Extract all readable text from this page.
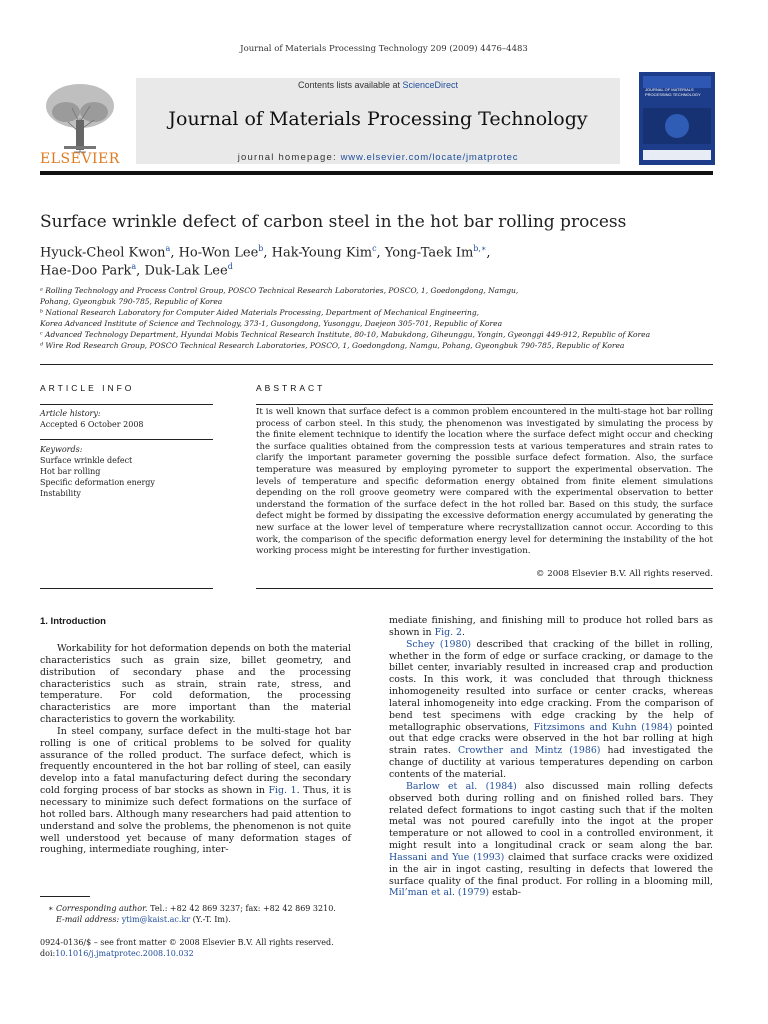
Journal of Materials Processing Technology 209 (2009) 4476–4483
ELSEVIER
Contents lists available at ScienceDirect
Journal of Materials Processing Technology
journal homepage: www.elsevier.com/locate/jmatprotec
JOURNAL OF MATERIALS PROCESSING TECHNOLOGY
Surface wrinkle defect of carbon steel in the hot bar rolling process
Hyuck-Cheol Kwon$^a$, Ho-Won Lee$^b$, Hak-Young Kim$^c$, Yong-Taek $Im^{b,∗}$,
Hae-Doo Park$^a$, Duk-Lak Lee$^d$
ᵃ Rolling Technology and Process Control Group, POSCO Technical Research Laboratories, POSCO, 1, Goedongdong, Namgu,
Pohang, Gyeongbuk 790-785, Republic of Korea
ᵇ National Research Laboratory for Computer Aided Materials Processing, Department of Mechanical Engineering,
Korea Advanced Institute of Science and Technology, 373-1, Gusongdong, Yusonggu, Daejeon 305-701, Republic of Korea
ᶜ Advanced Technology Department, Hyundai Mobis Technical Research Institute, 80-10, Mabukdong, Giheunggu, Yongin, Gyeonggi 449-912, Republic of Korea
ᵈ Wire Rod Research Group, POSCO Technical Research Laboratories, POSCO, 1, Goedongdong, Namgu, Pohang, Gyeongbuk 790-785, Republic of Korea
ARTICLE INFO
Article history:
Accepted 6 October 2008
Keywords:
Surface wrinkle defect
Hot bar rolling
Specific deformation energy
Instability
ABSTRACT
It is well known that surface defect is a common problem encountered in the multi-stage hot bar rolling process of carbon steel. In this study, the phenomenon was investigated by simulating the process by the finite element technique to identify the location where the surface defect might occur and checking the surface qualities obtained from the compression tests at various temperatures and strain rates to clarify the important parameter governing the possible surface defect formation. Also, the surface temperature was measured by employing pyrometer to support the experimental observation. The levels of temperature and specific deformation energy obtained from finite element simulations depending on the roll groove geometry were compared with the experimental observation to better understand the formation of the surface defect in the hot rolled bar. Based on this study, the surface defect might be formed by dissipating the excessive deformation energy accumulated by generating the new surface at the lower level of temperature where recrystallization cannot occur. According to this work, the comparison of the specific deformation energy level for determining the instability of the hot working process might be interesting for further investigation.
© 2008 Elsevier B.V. All rights reserved.
1. Introduction

Workability for hot deformation depends on both the material characteristics such as grain size, billet geometry, and distribution of secondary phase and the processing characteristics such as strain, strain rate, stress, and temperature. For cold deformation, the processing characteristics are more important than the material characteristics to govern the workability.

In steel company, surface defect in the multi-stage hot bar rolling is one of critical problems to be solved for quality assurance of the rolled product. The surface defect, which is frequently encountered in the hot bar rolling of steel, can easily develop into a fatal manufacturing defect during the secondary cold forging process of bar stocks as shown in Fig. 1. Thus, it is necessary to minimize such defect formations on the surface of hot rolled bars. Although many researchers had paid attention to understand and solve the problems, the phenomenon is not quite well understood yet because of many deformation stages of roughing, intermediate roughing, inter-

mediate finishing, and finishing mill to produce hot rolled bars as shown in Fig. 2.

Schey (1980) described that cracking of the billet in rolling, whether in the form of edge or surface cracking, or damage to the billet center, invariably resulted in increased crap and production costs. In this work, it was concluded that through thickness inhomogeneity resulted into surface or center cracks, whereas lateral inhomogeneity into edge cracking. From the comparison of bend test specimens with edge cracking by the help of metallographic observations, Fitzsimons and Kuhn (1984) pointed out that edge cracks were observed in the hot bar rolling at high strain rates. Crowther and Mintz (1986) had investigated the change of ductility at various temperatures depending on carbon contents of the material.

Barlow et al. (1984) also discussed main rolling defects observed both during rolling and on finished rolled bars. They related defect formations to ingot casting such that if the molten metal was not poured carefully into the ingot at the proper temperature or not allowed to cool in a controlled environment, it might result into a longitudinal crack or seam along the bar. Hassani and Yue (1993) claimed that surface cracks were oxidized in the air in ingot casting, resulting in defects that lowered the surface quality of the final product. For rolling in a blooming mill, Mil’man et al. (1979) estab-

∗ Corresponding author. Tel.: +82 42 869 3237; fax: +82 42 869 3210.
E-mail address: ytim@kaist.ac.kr (Y.-T. Im).
0924-0136/$ – see front matter © 2008 Elsevier B.V. All rights reserved.
doi:10.1016/j.jmatprotec.2008.10.032
